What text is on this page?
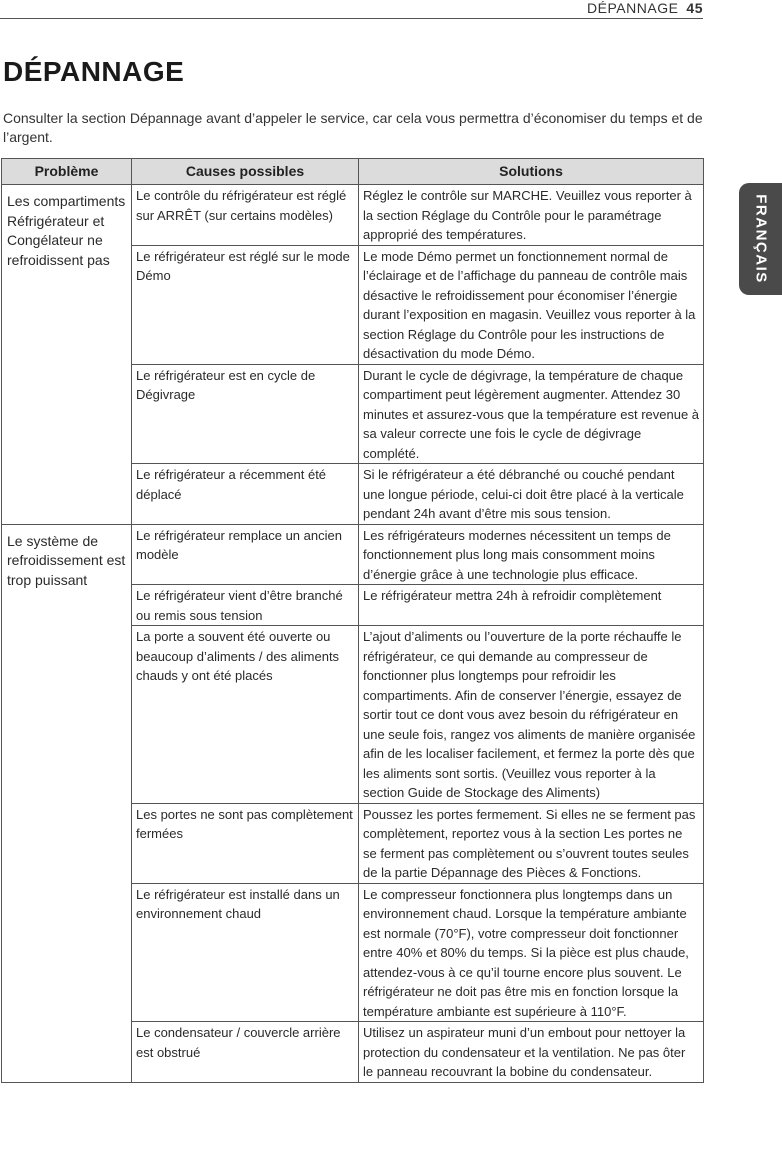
DÉPANNAGE 45
FRANÇAIS
DÉPANNAGE
Consulter la section Dépannage avant d’appeler le service, car cela vous permettra d’économiser du temps et de l’argent.
Problème	Causes possibles	Solutions
Les compartiments Réfrigérateur et Congélateur ne refroidissent pas	Le contrôle du réfrigérateur est réglé sur ARRÊT (sur certains modèles)	Réglez le contrôle sur MARCHE. Veuillez vous reporter à la section Réglage du Contrôle pour le paramétrage approprié des températures.
	Le réfrigérateur est réglé sur le mode Démo	Le mode Démo permet un fonctionnement normal de l’éclairage et de l’affichage du panneau de contrôle mais désactive le refroidissement pour économiser l’énergie durant l’exposition en magasin. Veuillez vous reporter à la section Réglage du Contrôle pour les instructions de désactivation du mode Démo.
	Le réfrigérateur est en cycle de Dégivrage	Durant le cycle de dégivrage, la température de chaque compartiment peut légèrement augmenter. Attendez 30 minutes et assurez-vous que la température est revenue à sa valeur correcte une fois le cycle de dégivrage complété.
	Le réfrigérateur a récemment été déplacé	Si le réfrigérateur a été débranché ou couché pendant une longue période, celui-ci doit être placé à la verticale pendant 24h avant d’être mis sous tension.
Le système de refroidissement est trop puissant	Le réfrigérateur remplace un ancien modèle	Les réfrigérateurs modernes nécessitent un temps de fonctionnement plus long mais consomment moins d’énergie grâce à une technologie plus efficace.
	Le réfrigérateur vient d’être branché ou remis sous tension	Le réfrigérateur mettra 24h à refroidir complètement
	La porte a souvent été ouverte ou beaucoup d’aliments / des aliments chauds y ont été placés	L’ajout d’aliments ou l’ouverture de la porte réchauffe le réfrigérateur, ce qui demande au compresseur de fonctionner plus longtemps pour refroidir les compartiments. Afin de conserver l’énergie, essayez de sortir tout ce dont vous avez besoin du réfrigérateur en une seule fois, rangez vos aliments de manière organisée afin de les localiser facilement, et fermez la porte dès que les aliments sont sortis. (Veuillez vous reporter à la section Guide de Stockage des Aliments)
	Les portes ne sont pas complètement fermées	Poussez les portes fermement. Si elles ne se ferment pas complètement, reportez vous à la section Les portes ne se ferment pas complètement ou s’ouvrent toutes seules de la partie Dépannage des Pièces & Fonctions.
	Le réfrigérateur est installé dans un environnement chaud	Le compresseur fonctionnera plus longtemps dans un environnement chaud. Lorsque la température ambiante est normale (70°F), votre compresseur doit fonctionner entre 40% et 80% du temps. Si la pièce est plus chaude, attendez-vous à ce qu’il tourne encore plus souvent. Le réfrigérateur ne doit pas être mis en fonction lorsque la température ambiante est supérieure à 110°F.
	Le condensateur / couvercle arrière est obstrué	Utilisez un aspirateur muni d’un embout pour nettoyer la protection du condensateur et la ventilation. Ne pas ôter le panneau recouvrant la bobine du condensateur.
